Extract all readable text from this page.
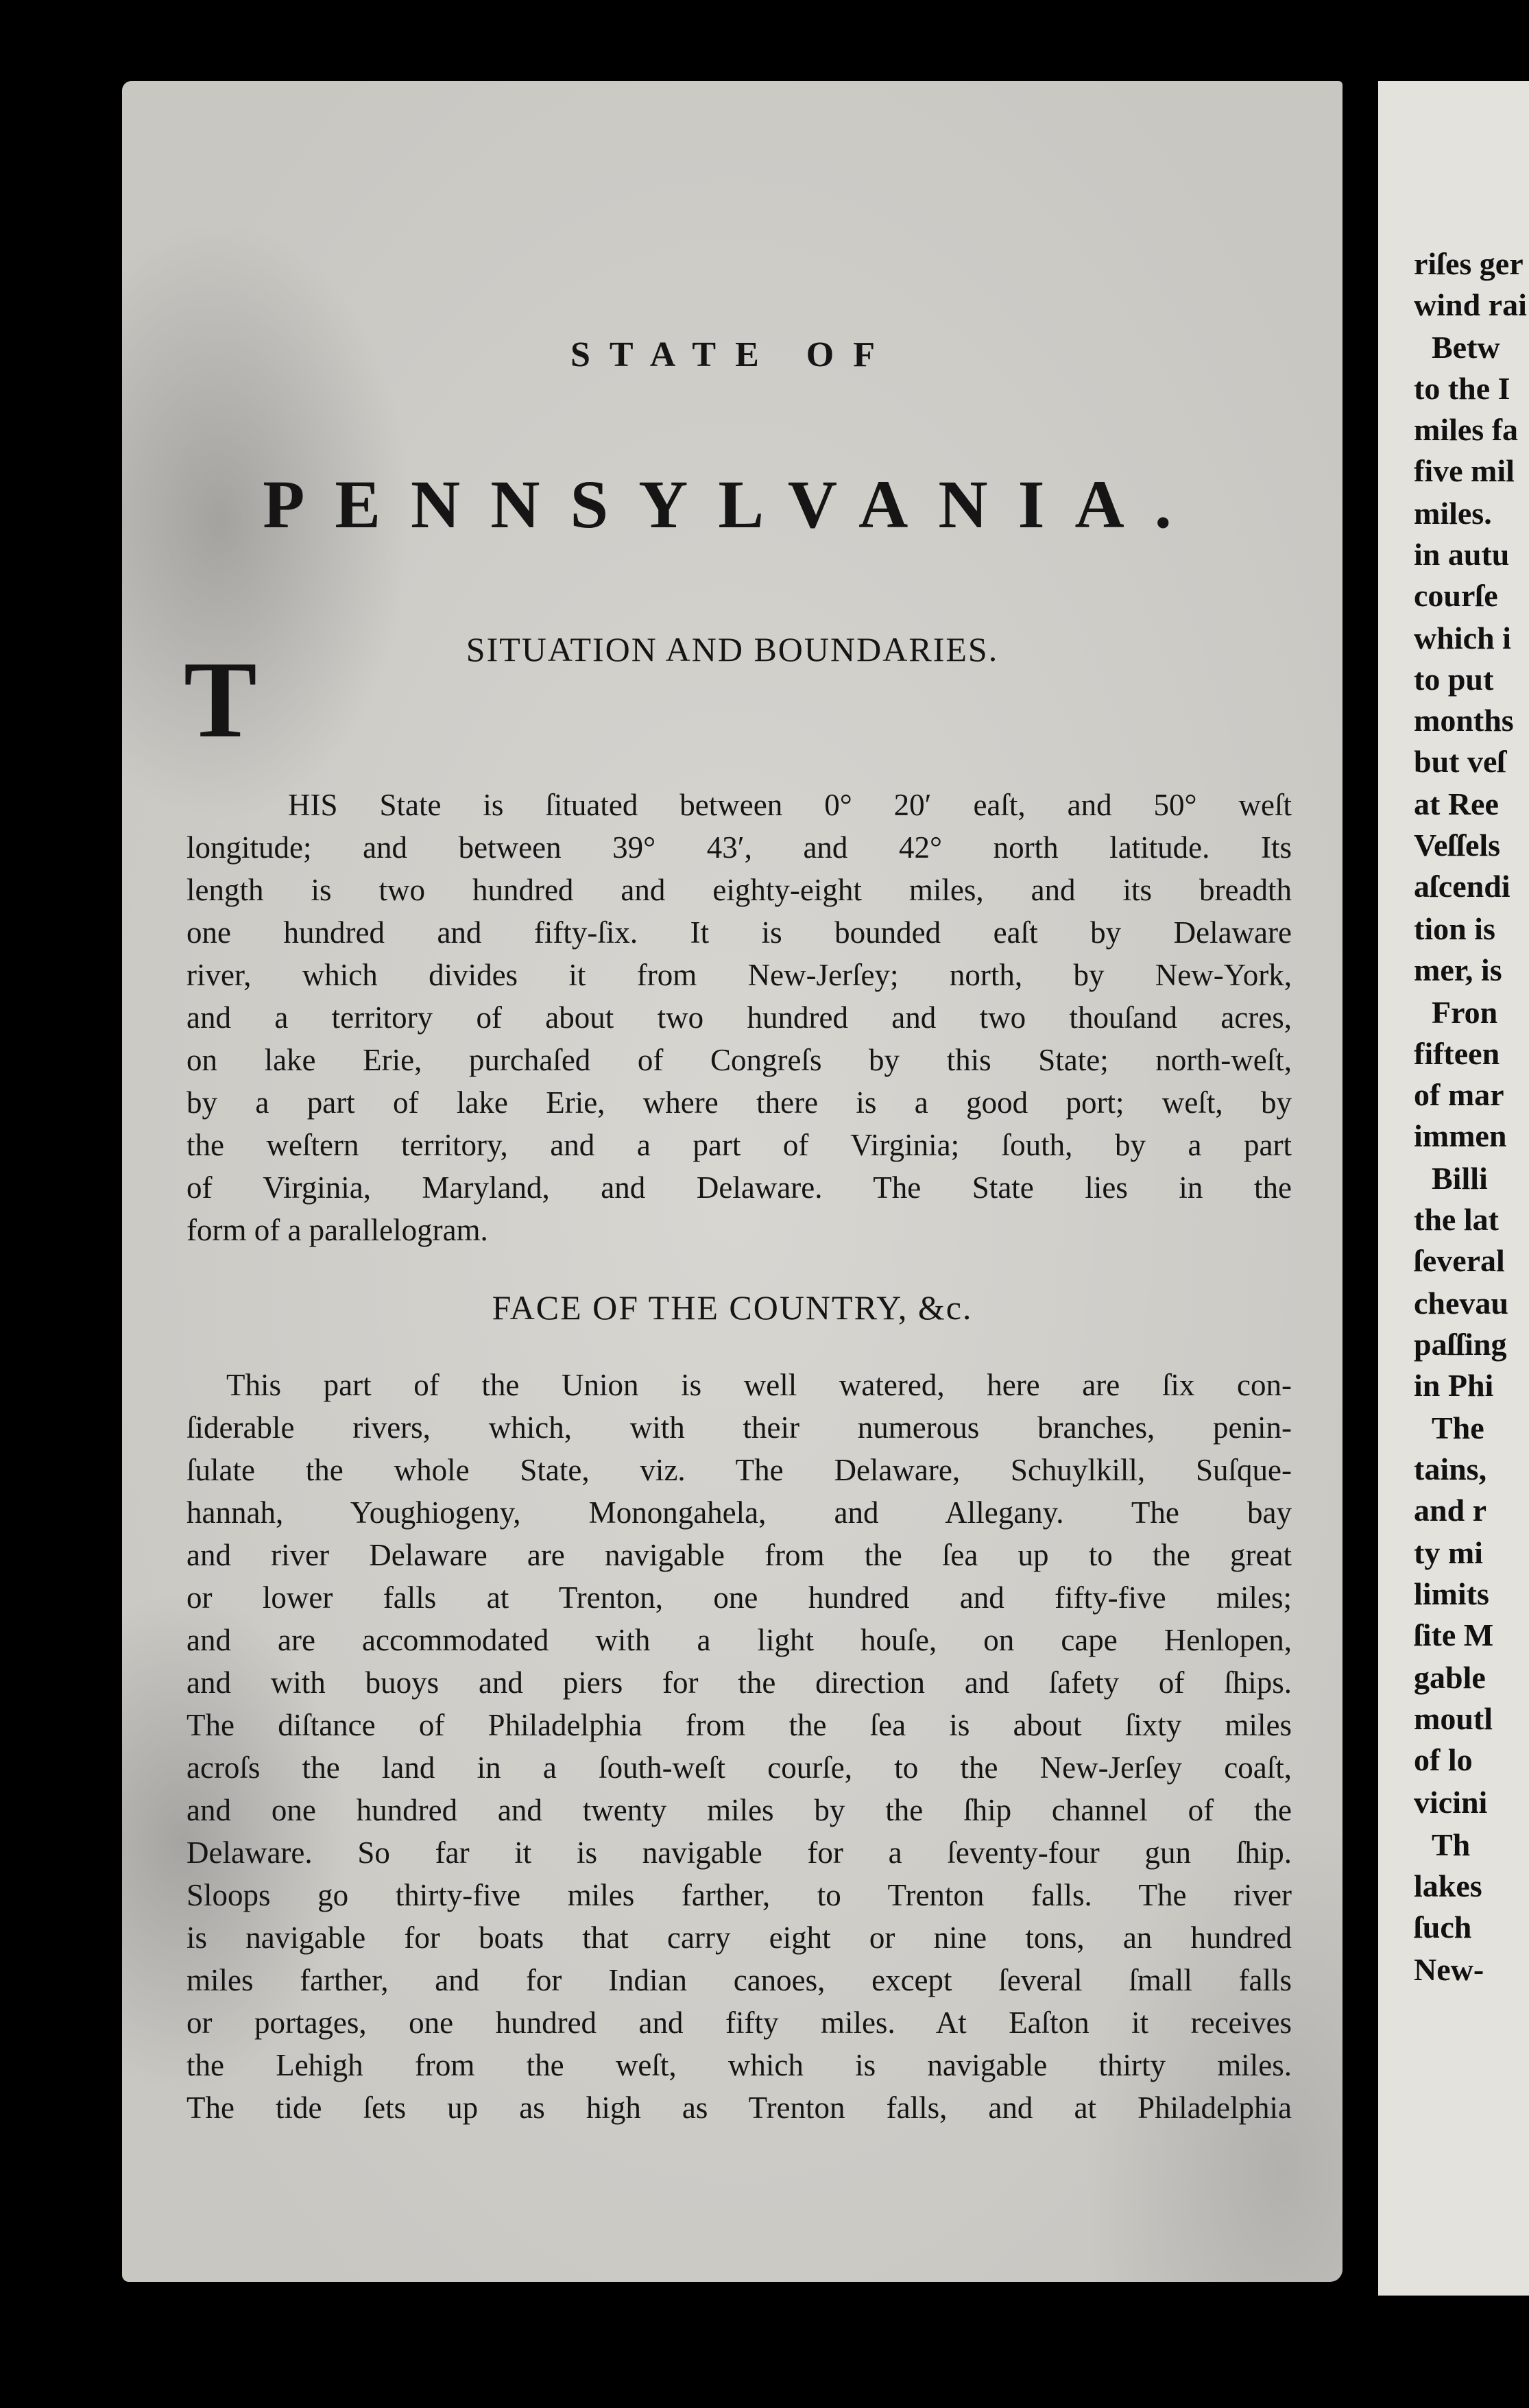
STATE OF
PENNSYLVANIA.
SITUATION AND BOUNDARIES.
FACE OF THE COUNTRY, &c.
T
HIS State is ſituated between 0° 20′ eaſt, and 50° weſt
longitude; and between 39° 43′, and 42° north latitude. Its
length is two hundred and eighty-eight miles, and its breadth
one hundred and fifty-ſix. It is bounded eaſt by Delaware
river, which divides it from New-Jerſey; north, by New-York,
and a territory of about two hundred and two thouſand acres,
on lake Erie, purchaſed of Congreſs by this State; north-weſt,
by a part of lake Erie, where there is a good port; weſt, by
the weſtern territory, and a part of Virginia; ſouth, by a part
of Virginia, Maryland, and Delaware. The State lies in the
form of a parallelogram.
This part of the Union is well watered, here are ſix con-
ſiderable rivers, which, with their numerous branches, penin-
ſulate the whole State, viz. The Delaware, Schuylkill, Suſque-
hannah, Youghiogeny, Monongahela, and Allegany. The bay
and river Delaware are navigable from the ſea up to the great
or lower falls at Trenton, one hundred and fifty-five miles;
and are accommodated with a light houſe, on cape Henlopen,
and with buoys and piers for the direction and ſafety of ſhips.
The diſtance of Philadelphia from the ſea is about ſixty miles
acroſs the land in a ſouth-weſt courſe, to the New-Jerſey coaſt,
and one hundred and twenty miles by the ſhip channel of the
Delaware. So far it is navigable for a ſeventy-four gun ſhip.
Sloops go thirty-five miles farther, to Trenton falls. The river
is navigable for boats that carry eight or nine tons, an hundred
miles farther, and for Indian canoes, except ſeveral ſmall falls
or portages, one hundred and fifty miles. At Eaſton it receives
the Lehigh from the weſt, which is navigable thirty miles.
The tide ſets up as high as Trenton falls, and at Philadelphia
riſes ger
wind rai
Betw
to the I
miles fa
five mil
miles.
in autu
courſe
which i
to put
months
but veſ
at Ree
Veſſels
aſcendi
tion is
mer, is
Fron
fifteen
of mar
immen
Billi
the lat
ſeveral
chevau
paſſing
in Phi
The
tains,
and r
ty mi
limits
ſite M
gable
moutl
of lo
vicini
Th
lakes
ſuch
New-
